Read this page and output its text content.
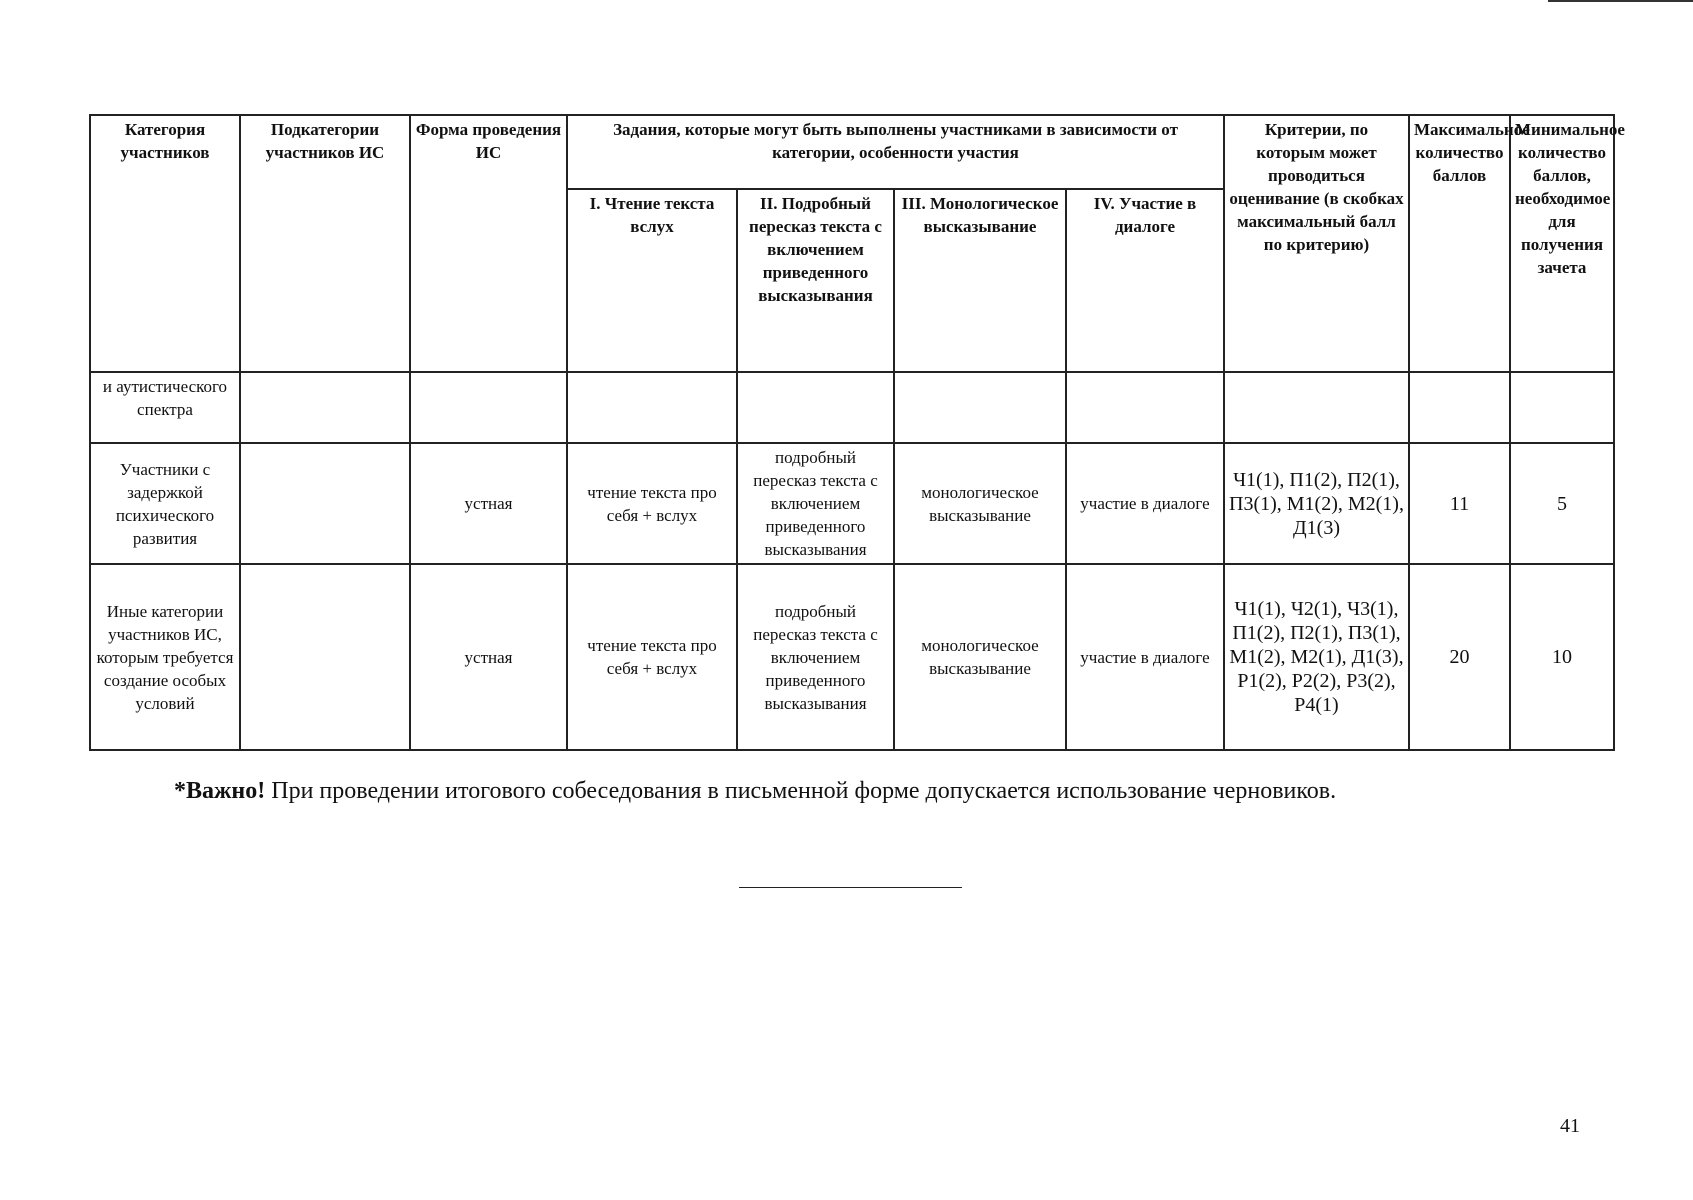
Категория участников	Подкатегории участников ИС	Форма проведения ИС	Задания, которые могут быть выполнены участниками в зависимости от категории, особенности участия				Критерии, по которым может проводиться оценивание (в скобках максимальный балл по критерию)	Максимальное количество баллов	Минимальное количество баллов, необходимое для получения зачета
			I. Чтение текста вслух	II. Подробный пересказ текста с включением приведенного высказывания	III. Монологическое высказывание	IV. Участие в диалоге			
и аутистического спектра									
Участники с задержкой психического развития		устная	чтение текста про себя + вслух	подробный пересказ текста с включением приведенного высказывания	монологическое высказывание	участие в диалоге	Ч1(1), П1(2), П2(1), П3(1), М1(2), М2(1), Д1(3)	11	5
Иные категории участников ИС, которым требуется создание особых условий		устная	чтение текста про себя + вслух	подробный пересказ текста с включением приведенного высказывания	монологическое высказывание	участие в диалоге	Ч1(1), Ч2(1), Ч3(1), П1(2), П2(1), П3(1), М1(2), М2(1), Д1(3), Р1(2), Р2(2), Р3(2), Р4(1)	20	10
*Важно! При проведении итогового собеседования в письменной форме допускается использование черновиков.
41
